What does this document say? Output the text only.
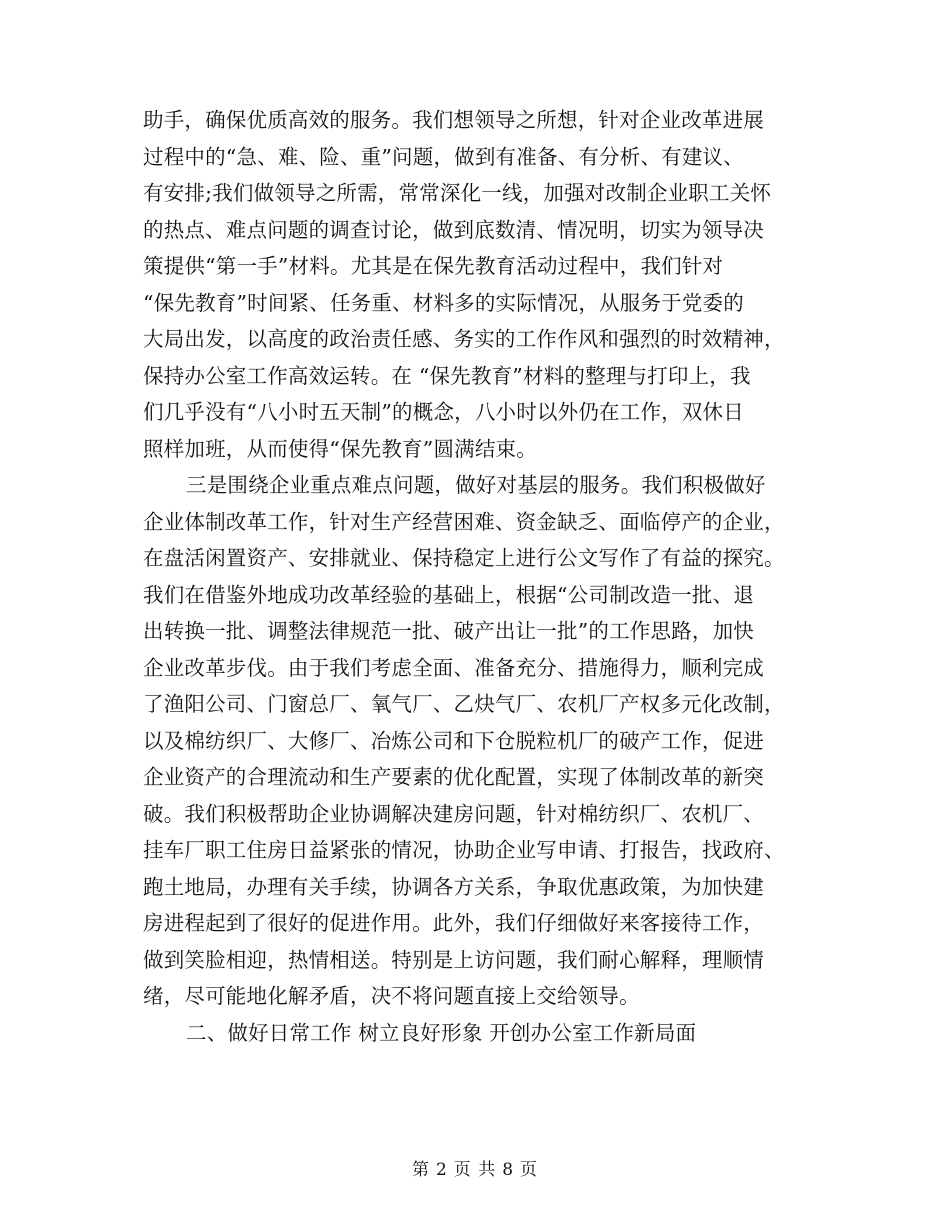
助手，确保优质高效的服务。我们想领导之所想，针对企业改革进展
过程中的“急、难、险、重”问题，做到有准备、有分析、有建议、
有安排;我们做领导之所需，常常深化一线，加强对改制企业职工关怀
的热点、难点问题的调查讨论，做到底数清、情况明，切实为领导决
策提供“第一手”材料。尤其是在保先教育活动过程中，我们针对
“保先教育”时间紧、任务重、材料多的实际情况，从服务于党委的
大局出发，以高度的政治责任感、务实的工作作风和强烈的时效精神，
保持办公室工作高效运转。在 “保先教育”材料的整理与打印上，我
们几乎没有“八小时五天制”的概念，八小时以外仍在工作，双休日
照样加班，从而使得“保先教育”圆满结束。
三是围绕企业重点难点问题，做好对基层的服务。我们积极做好
企业体制改革工作，针对生产经营困难、资金缺乏、面临停产的企业，
在盘活闲置资产、安排就业、保持稳定上进行公文写作了有益的探究。
我们在借鉴外地成功改革经验的基础上，根据“公司制改造一批、退
出转换一批、调整法律规范一批、破产出让一批”的工作思路，加快
企业改革步伐。由于我们考虑全面、准备充分、措施得力，顺利完成
了渔阳公司、门窗总厂、氧气厂、乙炔气厂、农机厂产权多元化改制，
以及棉纺织厂、大修厂、冶炼公司和下仓脱粒机厂的破产工作，促进
企业资产的合理流动和生产要素的优化配置，实现了体制改革的新突
破。我们积极帮助企业协调解决建房问题，针对棉纺织厂、农机厂、
挂车厂职工住房日益紧张的情况，协助企业写申请、打报告，找政府、
跑土地局，办理有关手续，协调各方关系，争取优惠政策，为加快建
房进程起到了很好的促进作用。此外，我们仔细做好来客接待工作，
做到笑脸相迎，热情相送。特别是上访问题，我们耐心解释，理顺情
绪，尽可能地化解矛盾，决不将问题直接上交给领导。
二、做好日常工作 树立良好形象 开创办公室工作新局面
第 2 页 共 8 页
